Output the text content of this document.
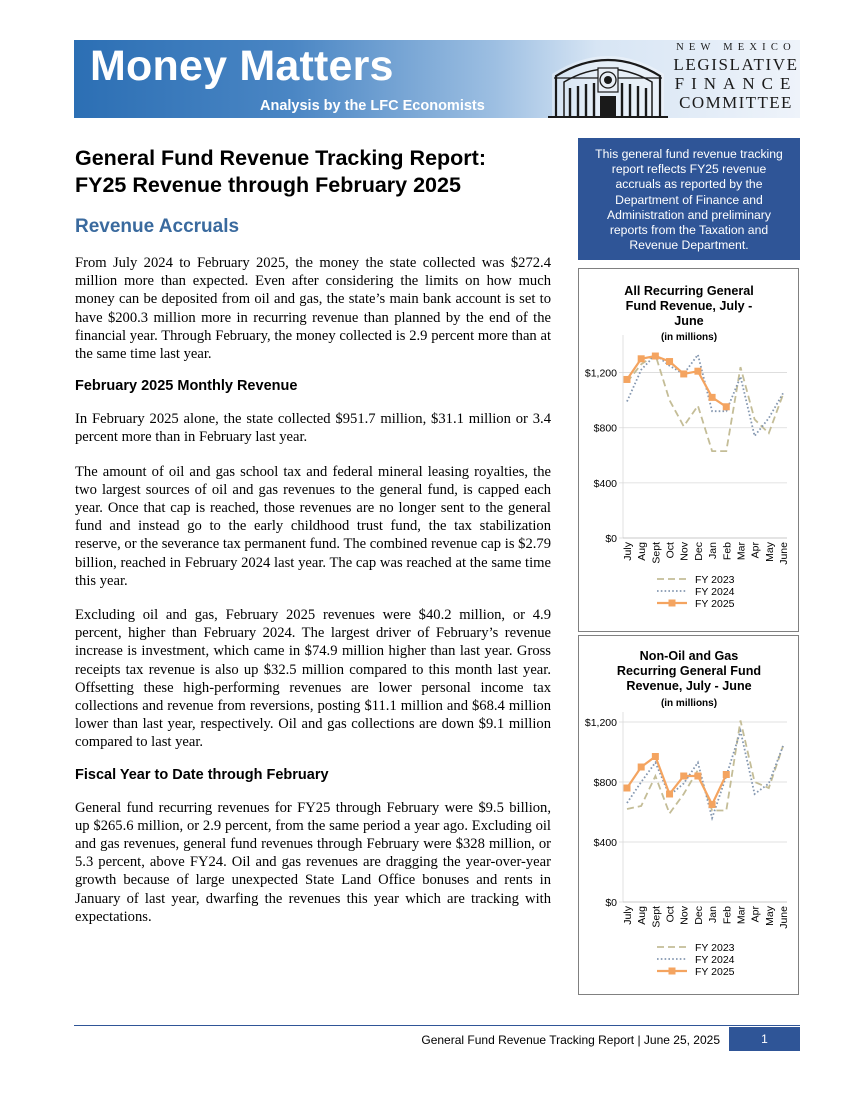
Money Matters
Analysis by the LFC Economists
NEW MEXICO
LEGISLATIVE
FINANCE
COMMITTEE
General Fund Revenue Tracking Report:
FY25 Revenue through February 2025
Revenue Accruals

From July 2024 to February 2025, the money the state collected was $272.4 million more than expected. Even after considering the limits on how much money can be deposited from oil and gas, the state’s main bank account is set to have $200.3 million more in recurring revenue than planned by the end of the financial year. Through February, the money collected is 2.9 percent more than at the same time last year.

February 2025 Monthly Revenue

In February 2025 alone, the state collected $951.7 million, $31.1 million or 3.4 percent more than in February last year.

The amount of oil and gas school tax and federal mineral leasing royalties, the two largest sources of oil and gas revenues to the general fund, is capped each year. Once that cap is reached, those revenues are no longer sent to the general fund and instead go to the early childhood trust fund, the tax stabilization reserve, or the severance tax permanent fund. The combined revenue cap is $2.79 billion, reached in February 2024 last year. The cap was reached at the same time this year.

Excluding oil and gas, February 2025 revenues were $40.2 million, or 4.9 percent, higher than February 2024. The largest driver of February’s revenue increase is investment, which came in $74.9 million higher than last year. Gross receipts tax revenue is also up $32.5 million compared to this month last year. Offsetting these high-performing revenues are lower personal income tax collections and revenue from reversions, posting $11.1 million and $68.4 million lower than last year, respectively. Oil and gas collections are down $9.1 million compared to last year.

Fiscal Year to Date through February

General fund recurring revenues for FY25 through February were $9.5 billion, up $265.6 million, or 2.9 percent, from the same period a year ago. Excluding oil and gas revenues, general fund revenues through February were $328 million, or 5.3 percent, above FY24. Oil and gas revenues are dragging the year-over-year growth because of large unexpected State Land Office bonuses and rents in January of last year, dwarfing the revenues this year which are tracking with expectations.

This general fund revenue tracking report reflects FY25 revenue accruals as reported by the Department of Finance and Administration and preliminary reports from the Taxation and Revenue Department.
All Recurring General Fund Revenue, July -June
(in millions)
$0
$400
$800
$1,200
July Aug Sept Oct Nov Dec Jan Feb Mar Apr May June
FY 2023
FY 2024
FY 2025
Non-Oil and Gas Recurring General Fund Revenue, July - June
(in millions)
$0
$400
$800
$1,200
July Aug Sept Oct Nov Dec Jan Feb Mar Apr May June
FY 2023
FY 2024
FY 2025
General Fund Revenue Tracking Report | June 25, 2025	1
